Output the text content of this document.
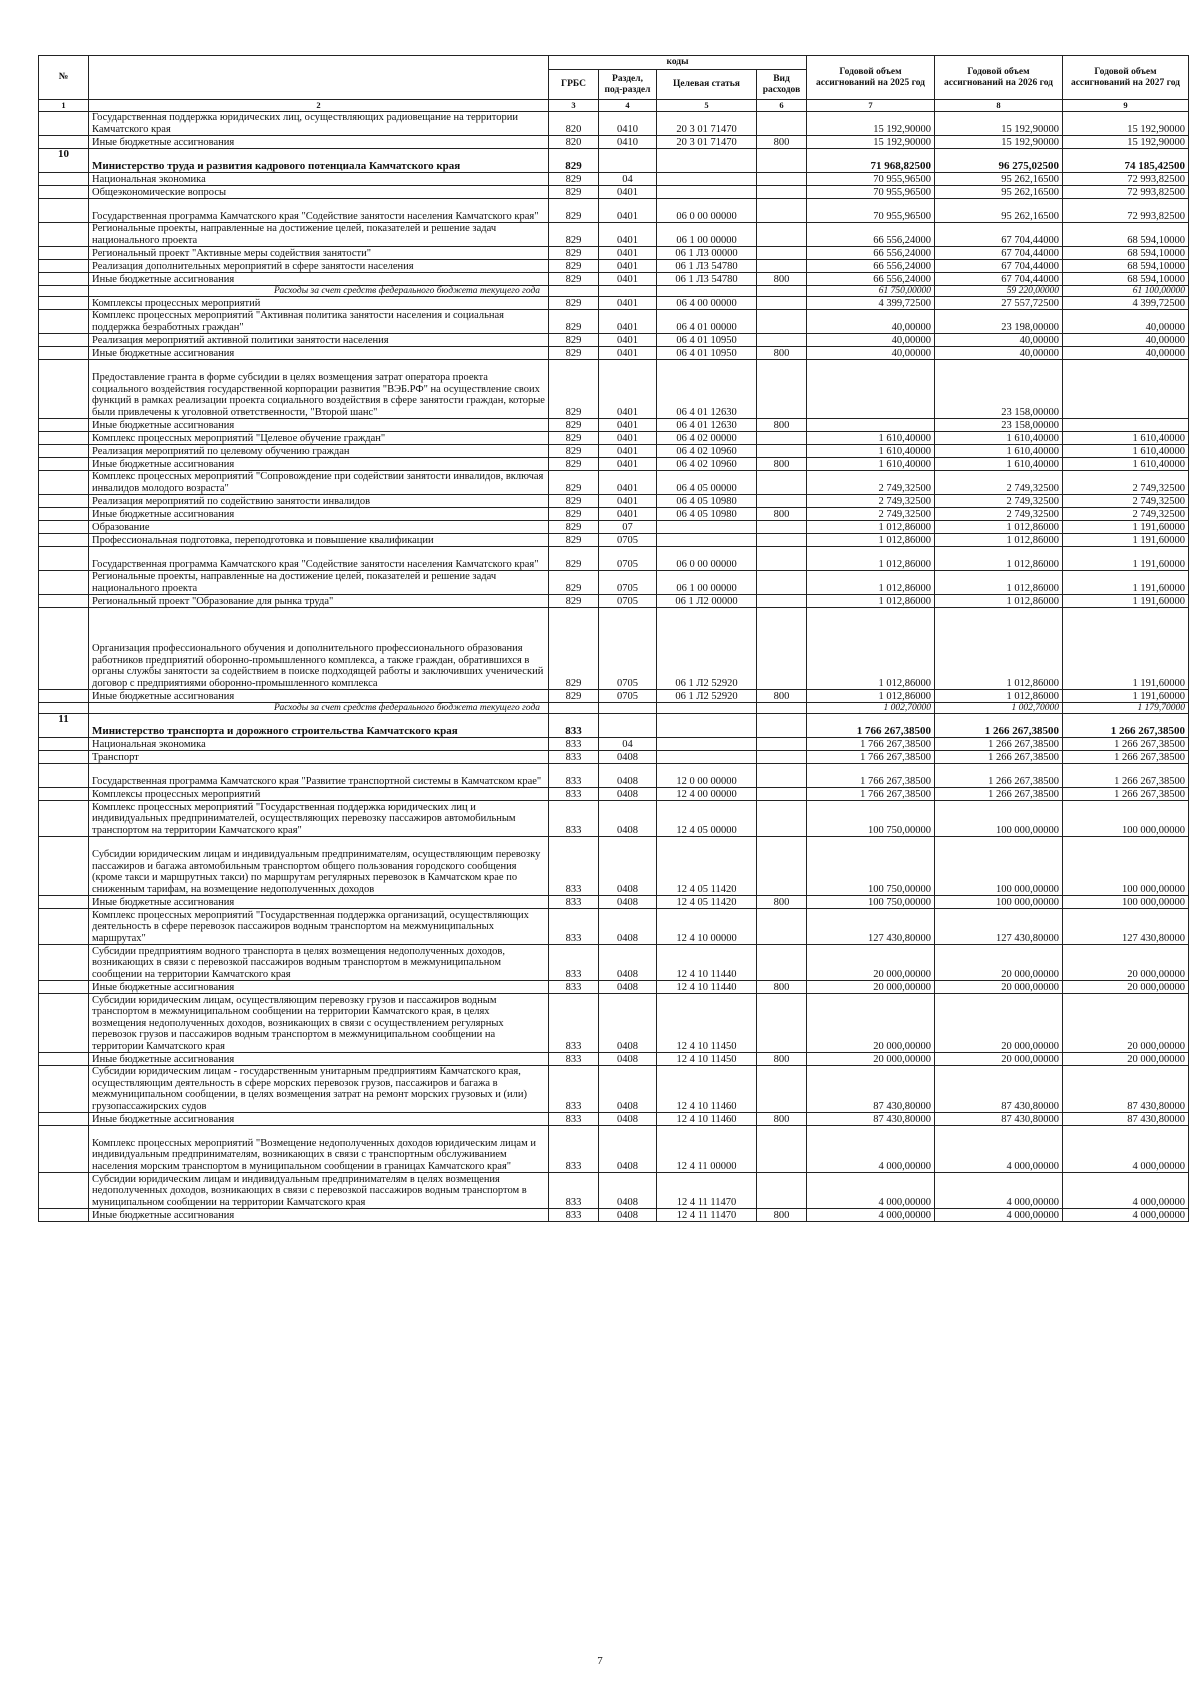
№		коды				Годовой объем ассигнований на 2025 год	Годовой объем ассигнований на 2026 год	Годовой объем ассигнований на 2027 год
		ГРБС	Раздел, под-раздел	Целевая статья	Вид расходов			
1	2	3	4	5	6	7	8	9
	Государственная поддержка юридических лиц, осуществляющих радиовещание на территории Камчатского края	820	0410	20 3 01 71470		15 192,90000	15 192,90000	15 192,90000
	Иные бюджетные ассигнования	820	0410	20 3 01 71470	800	15 192,90000	15 192,90000	15 192,90000
10	Министерство труда и развития кадрового потенциала Камчатского края	829				71 968,82500	96 275,02500	74 185,42500
	Национальная экономика	829	04			70 955,96500	95 262,16500	72 993,82500
	Общеэкономические вопросы	829	0401			70 955,96500	95 262,16500	72 993,82500
	Государственная программа Камчатского края "Содействие занятости населения Камчатского края"	829	0401	06 0 00 00000		70 955,96500	95 262,16500	72 993,82500
	Региональные проекты, направленные на достижение целей, показателей и решение задач национального проекта	829	0401	06 1 00 00000		66 556,24000	67 704,44000	68 594,10000
	Региональный проект "Активные меры содействия занятости"	829	0401	06 1 Л3 00000		66 556,24000	67 704,44000	68 594,10000
	Реализация дополнительных мероприятий в сфере занятости населения	829	0401	06 1 Л3 54780		66 556,24000	67 704,44000	68 594,10000
	Иные бюджетные ассигнования	829	0401	06 1 Л3 54780	800	66 556,24000	67 704,44000	68 594,10000
	Расходы за счет средств федерального бюджета текущего года					61 750,00000	59 220,00000	61 100,00000
	Комплексы процессных мероприятий	829	0401	06 4 00 00000		4 399,72500	27 557,72500	4 399,72500
	Комплекс процессных мероприятий "Активная политика занятости населения и социальная поддержка безработных граждан"	829	0401	06 4 01 00000		40,00000	23 198,00000	40,00000
	Реализация мероприятий активной политики занятости населения	829	0401	06 4 01 10950		40,00000	40,00000	40,00000
	Иные бюджетные ассигнования	829	0401	06 4 01 10950	800	40,00000	40,00000	40,00000
	Предоставление гранта в форме субсидии в целях возмещения затрат оператора проекта социального воздействия государственной корпорации развития "ВЭБ.РФ" на осуществление своих функций в рамках реализации проекта социального воздействия в сфере занятости граждан, которые были привлечены к уголовной ответственности, "Второй шанс"	829	0401	06 4 01 12630			23 158,00000	
	Иные бюджетные ассигнования	829	0401	06 4 01 12630	800		23 158,00000	
	Комплекс процессных мероприятий "Целевое обучение граждан"	829	0401	06 4 02 00000		1 610,40000	1 610,40000	1 610,40000
	Реализация мероприятий по целевому обучению граждан	829	0401	06 4 02 10960		1 610,40000	1 610,40000	1 610,40000
	Иные бюджетные ассигнования	829	0401	06 4 02 10960	800	1 610,40000	1 610,40000	1 610,40000
	Комплекс процессных мероприятий "Сопровождение при содействии занятости инвалидов, включая инвалидов молодого возраста"	829	0401	06 4 05 00000		2 749,32500	2 749,32500	2 749,32500
	Реализация мероприятий по содействию занятости инвалидов	829	0401	06 4 05 10980		2 749,32500	2 749,32500	2 749,32500
	Иные бюджетные ассигнования	829	0401	06 4 05 10980	800	2 749,32500	2 749,32500	2 749,32500
	Образование	829	07			1 012,86000	1 012,86000	1 191,60000
	Профессиональная подготовка, переподготовка и повышение квалификации	829	0705			1 012,86000	1 012,86000	1 191,60000
	Государственная программа Камчатского края "Содействие занятости населения Камчатского края"	829	0705	06 0 00 00000		1 012,86000	1 012,86000	1 191,60000
	Региональные проекты, направленные на достижение целей, показателей и решение задач национального проекта	829	0705	06 1 00 00000		1 012,86000	1 012,86000	1 191,60000
	Региональный проект "Образование для рынка труда"	829	0705	06 1 Л2 00000		1 012,86000	1 012,86000	1 191,60000
	Организация профессионального обучения и дополнительного профессионального образования работников предприятий оборонно-промышленного комплекса, а также граждан, обратившихся в органы службы занятости за содействием в поиске подходящей работы и заключивших ученический договор с предприятиями оборонно-промышленного комплекса	829	0705	06 1 Л2 52920		1 012,86000	1 012,86000	1 191,60000
	Иные бюджетные ассигнования	829	0705	06 1 Л2 52920	800	1 012,86000	1 012,86000	1 191,60000
	Расходы за счет средств федерального бюджета текущего года					1 002,70000	1 002,70000	1 179,70000
11	Министерство транспорта и дорожного строительства Камчатского края	833				1 766 267,38500	1 266 267,38500	1 266 267,38500
	Национальная экономика	833	04			1 766 267,38500	1 266 267,38500	1 266 267,38500
	Транспорт	833	0408			1 766 267,38500	1 266 267,38500	1 266 267,38500
	Государственная программа Камчатского края "Развитие транспортной системы в Камчатском крае"	833	0408	12 0 00 00000		1 766 267,38500	1 266 267,38500	1 266 267,38500
	Комплексы процессных мероприятий	833	0408	12 4 00 00000		1 766 267,38500	1 266 267,38500	1 266 267,38500
	Комплекс процессных мероприятий "Государственная поддержка юридических лиц и индивидуальных предпринимателей, осуществляющих перевозку пассажиров автомобильным транспортом на территории Камчатского края"	833	0408	12 4 05 00000		100 750,00000	100 000,00000	100 000,00000
	Субсидии юридическим лицам и индивидуальным предпринимателям, осуществляющим перевозку пассажиров и багажа автомобильным транспортом общего пользования городского сообщения (кроме такси и маршрутных такси) по маршрутам регулярных перевозок в Камчатском крае по сниженным тарифам, на возмещение недополученных доходов	833	0408	12 4 05 11420		100 750,00000	100 000,00000	100 000,00000
	Иные бюджетные ассигнования	833	0408	12 4 05 11420	800	100 750,00000	100 000,00000	100 000,00000
	Комплекс процессных мероприятий "Государственная поддержка организаций, осуществляющих деятельность в сфере перевозок пассажиров водным транспортом на межмуниципальных маршрутах"	833	0408	12 4 10 00000		127 430,80000	127 430,80000	127 430,80000
	Субсидии предприятиям водного транспорта в целях возмещения недополученных доходов, возникающих в связи с перевозкой пассажиров водным транспортом в межмуниципальном сообщении на территории Камчатского края	833	0408	12 4 10 11440		20 000,00000	20 000,00000	20 000,00000
	Иные бюджетные ассигнования	833	0408	12 4 10 11440	800	20 000,00000	20 000,00000	20 000,00000
	Субсидии юридическим лицам, осуществляющим перевозку грузов и пассажиров водным транспортом в межмуниципальном сообщении на территории Камчатского края, в целях возмещения недополученных доходов, возникающих в связи с осуществлением регулярных перевозок грузов и пассажиров водным транспортом в межмуниципальном сообщении на территории Камчатского края	833	0408	12 4 10 11450		20 000,00000	20 000,00000	20 000,00000
	Иные бюджетные ассигнования	833	0408	12 4 10 11450	800	20 000,00000	20 000,00000	20 000,00000
	Субсидии юридическим лицам - государственным унитарным предприятиям Камчатского края, осуществляющим деятельность в сфере морских перевозок грузов, пассажиров и багажа в межмуниципальном сообщении, в целях возмещения затрат на ремонт морских грузовых и (или) грузопассажирских судов	833	0408	12 4 10 11460		87 430,80000	87 430,80000	87 430,80000
	Иные бюджетные ассигнования	833	0408	12 4 10 11460	800	87 430,80000	87 430,80000	87 430,80000
	Комплекс процессных мероприятий "Возмещение недополученных доходов юридическим лицам и индивидуальным предпринимателям, возникающих в связи с транспортным обслуживанием населения морским транспортом в муниципальном сообщении в границах Камчатского края"	833	0408	12 4 11 00000		4 000,00000	4 000,00000	4 000,00000
	Субсидии юридическим лицам и индивидуальным предпринимателям в целях возмещения недополученных доходов, возникающих в связи с перевозкой пассажиров водным транспортом в муниципальном сообщении на территории Камчатского края	833	0408	12 4 11 11470		4 000,00000	4 000,00000	4 000,00000
	Иные бюджетные ассигнования	833	0408	12 4 11 11470	800	4 000,00000	4 000,00000	4 000,00000
7
